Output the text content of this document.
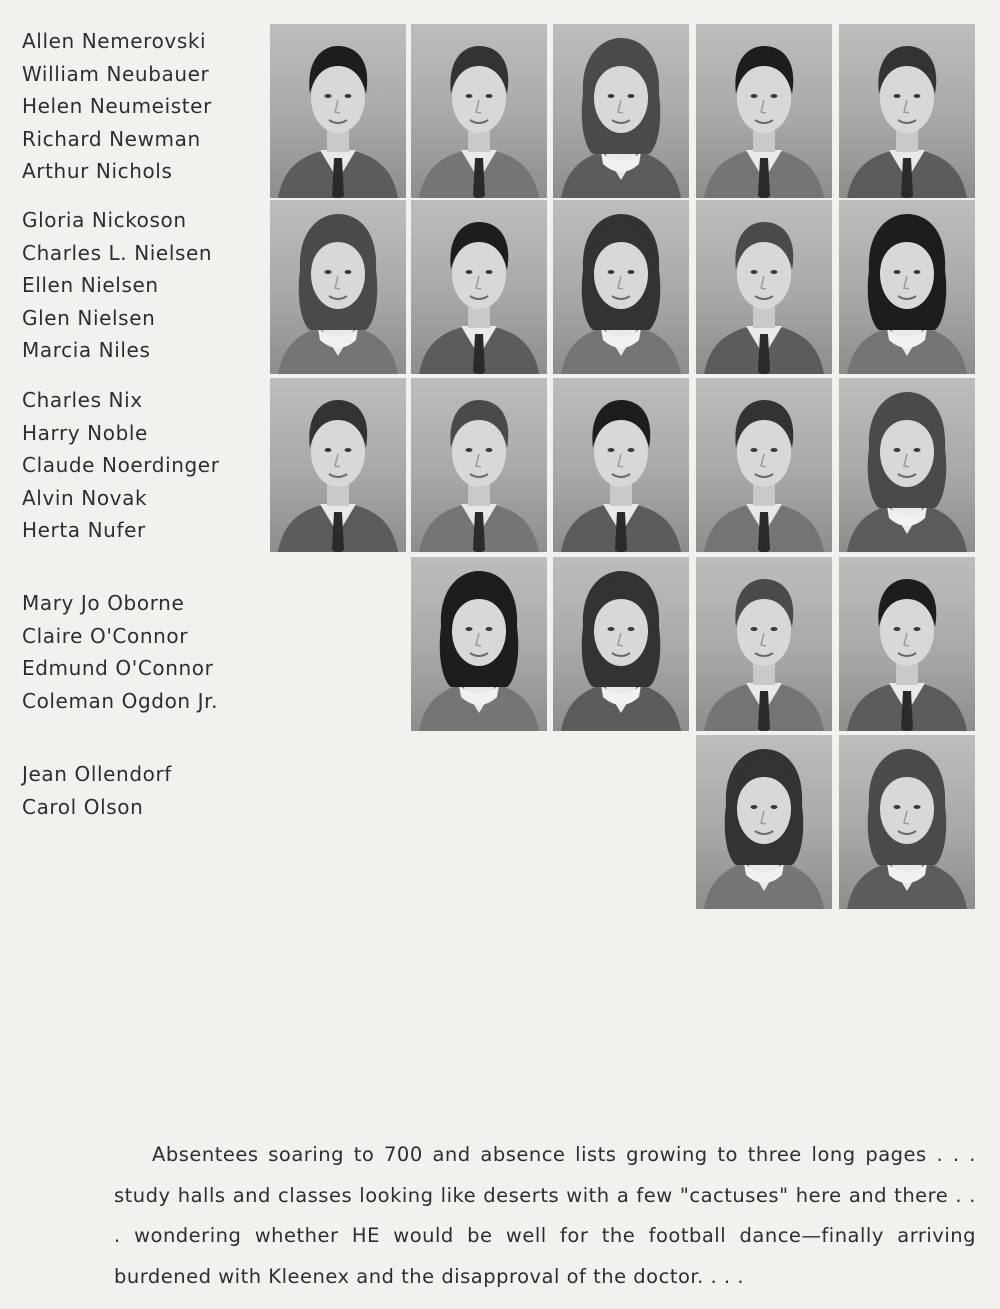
Allen Nemerovski
William Neubauer
Helen Neumeister
Richard Newman
Arthur Nichols
Gloria Nickoson
Charles L. Nielsen
Ellen Nielsen
Glen Nielsen
Marcia Niles
Charles Nix
Harry Noble
Claude Noerdinger
Alvin Novak
Herta Nufer
Mary Jo Oborne
Claire O'Connor
Edmund O'Connor
Coleman Ogdon Jr.
Jean Ollendorf
Carol Olson

Absentees soaring to 700 and absence lists growing to three long pages . . . study halls and classes looking like deserts with a few "cactuses" here and there . . . wondering whether HE would be well for the football dance—finally arriving burdened with Kleenex and the disapproval of the doctor. . . .
